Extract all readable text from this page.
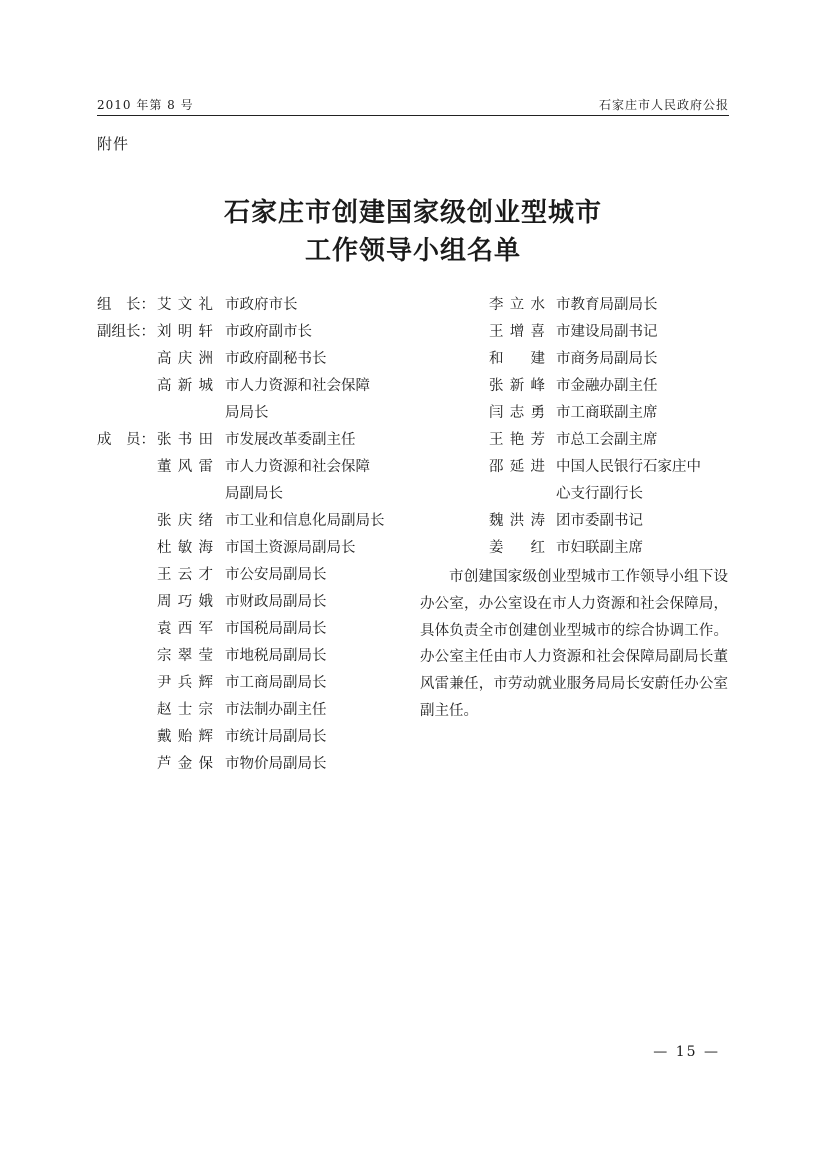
2010 年第 8 号	石家庄市人民政府公报
附件
石家庄市创建国家级创业型城市
工作领导小组名单
组　长： 艾文礼 市政府市长
副组长： 刘明轩 市政府副市长
高庆洲 市政府副秘书长
高新城 市人力资源和社会保障
局局长
成　员： 张书田 市发展改革委副主任
董风雷 市人力资源和社会保障
局副局长
张庆绪 市工业和信息化局副局长
杜敏海 市国土资源局副局长
王云才 市公安局副局长
周巧娥 市财政局副局长
袁西军 市国税局副局长
宗翠莹 市地税局副局长
尹兵辉 市工商局副局长
赵士宗 市法制办副主任
戴贻辉 市统计局副局长
芦金保 市物价局副局长
李立水 市教育局副局长
王增喜 市建设局副书记
和　建 市商务局副局长
张新峰 市金融办副主任
闫志勇 市工商联副主席
王艳芳 市总工会副主席
邵延进 中国人民银行石家庄中
心支行副行长
魏洪涛 团市委副书记
姜　红 市妇联副主席
市创建国家级创业型城市工作领导小组下设办公室，办公室设在市人力资源和社会保障局，具体负责全市创建创业型城市的综合协调工作。办公室主任由市人力资源和社会保障局副局长董风雷兼任，市劳动就业服务局局长安蔚任办公室副主任。
— 15 —
